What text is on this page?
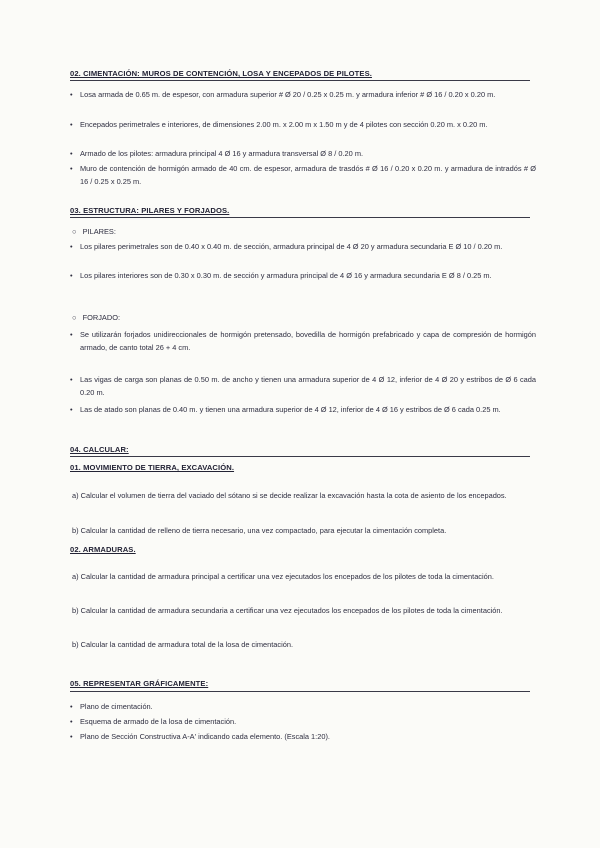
02. CIMENTACIÓN: MUROS DE CONTENCIÓN, LOSA Y ENCEPADOS DE PILOTES.
• Losa armada de 0.65 m. de espesor, con armadura superior # Ø 20 / 0.25 x 0.25 m. y armadura inferior # Ø 16 / 0.20 x 0.20 m.
• Encepados perimetrales e interiores, de dimensiones 2.00 m. x 2.00 m x 1.50 m y de 4 pilotes con sección 0.20 m. x 0.20 m.
• Armado de los pilotes: armadura principal 4 Ø 16 y armadura transversal Ø 8 / 0.20 m.
• Muro de contención de hormigón armado de 40 cm. de espesor, armadura de trasdós # Ø 16 / 0.20 x 0.20 m. y armadura de intradós # Ø 16 / 0.25 x 0.25 m.
03. ESTRUCTURA: PILARES Y FORJADOS.
○ PILARES:
• Los pilares perimetrales son de 0.40 x 0.40 m. de sección, armadura principal de 4 Ø 20 y armadura secundaria E Ø 10 / 0.20 m.
• Los pilares interiores son de 0.30 x 0.30 m. de sección y armadura principal de 4 Ø 16 y armadura secundaria E Ø 8 / 0.25 m.
○ FORJADO:
• Se utilizarán forjados unidireccionales de hormigón pretensado, bovedilla de hormigón prefabricado y capa de compresión de hormigón armado, de canto total 26 + 4 cm.
• Las vigas de carga son planas de 0.50 m. de ancho y tienen una armadura superior de 4 Ø 12, inferior de 4 Ø 20 y estribos de Ø 6 cada 0.20 m.
• Las de atado son planas de 0.40 m. y tienen una armadura superior de 4 Ø 12, inferior de 4 Ø 16 y estribos de Ø 6 cada 0.25 m.
04. CALCULAR:
01. MOVIMIENTO DE TIERRA, EXCAVACIÓN.
a) Calcular el volumen de tierra del vaciado del sótano si se decide realizar la excavación hasta la cota de asiento de los encepados.
b) Calcular la cantidad de relleno de tierra necesario, una vez compactado, para ejecutar la cimentación completa.
02. ARMADURAS.
a) Calcular la cantidad de armadura principal a certificar una vez ejecutados los encepados de los pilotes de toda la cimentación.
b) Calcular la cantidad de armadura secundaria a certificar una vez ejecutados los encepados de los pilotes de toda la cimentación.
b) Calcular la cantidad de armadura total de la losa de cimentación.
05. REPRESENTAR GRÁFICAMENTE:
• Plano de cimentación.
• Esquema de armado de la losa de cimentación.
• Plano de Sección Constructiva A-A' indicando cada elemento. (Escala 1:20).
